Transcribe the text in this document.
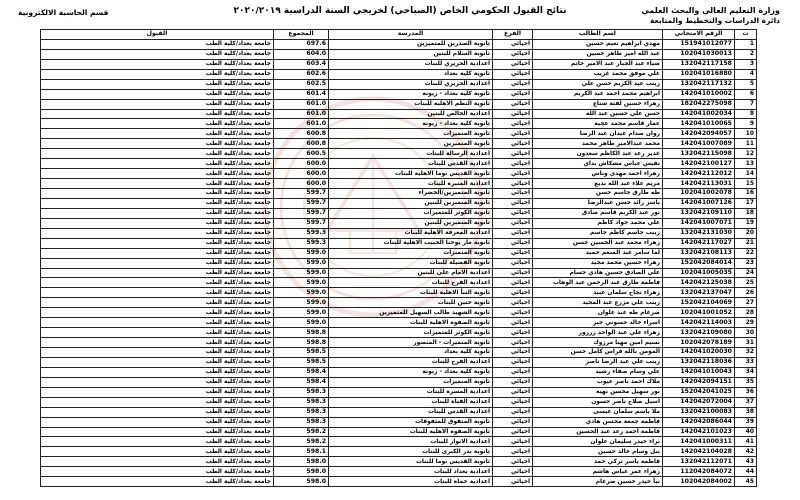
وزارة التعليم العالي والبحث العلمي
دائرة الدراسات والتخطيط والمتابعة
نتائج القبول الحكومي الخاص (الصباحي) لخريجي السنة الدراسية ٢٠٢٠/٢٠١٩
قسم الحاسبة الالكترونية
ت	الرقم الامتحاني	اسم الطالب	الفرع	المدرسة	المجموع	القبول
1	151941012077	مهدي ابراهيم نعيم حسين	احيائي	ثانوية الصدرين للمتميزين	697.6	جامعة بغداد/كلية الطب
2	102041030013	عبد الله امير طاهر حسين	احيائي	ثانوية السلام للبنين	604.0	جامعة بغداد/كلية الطب
3	132042117158	ضياء عبد الجبار عبد الامير حاتم	احيائي	اعدادية الحريري للبنات	603.4	جامعة بغداد/كلية الطب
4	102041016880	علي موفق محمد غريب	احيائي	ثانوية كلية بغداد	602.6	جامعة بغداد/كلية الطب
5	132042117132	زينب عبد الكريم حسن علي	احيائي	اعدادية الحريري للبنات	602.5	جامعة بغداد/كلية الطب
6	142041010002	ابراهيم محمد احمد عبد الكريم	احيائي	ثانوية كلية بغداد - زيونة	601.4	جامعة بغداد/كلية الطب
7	182042275098	زهراء حسين لفتة شناع	احيائي	ثانوية النظم الاهلية للبنات	601.0	جامعة بغداد/كلية الطب
8	142041002034	حسن علي حسين عبد الله	احيائي	اعدادية الخالص للبنين	601.0	جامعة بغداد/كلية الطب
9	142041010065	عمار قاسم محمد عجيه	احيائي	ثانوية كلية بغداد - زيونة	601.0	جامعة بغداد/كلية الطب
10	142042094057	روان صدام عبدان عبد الرضا	احيائي	ثانوية المتميزات	600.8	جامعة بغداد/كلية الطب
11	142041007089	محمد عبدالامير طاهر محمد	احيائي	ثانوية المتميزين	600.8	جامعة بغداد/كلية الطب
12	132042115098	غدير رعد عبد الكاظم سعدون	احيائي	اعدادية الرسالة للبنات	600.5	جامعة بغداد/كلية الطب
13	142042100127	نفيس عباس مشكاش بداي	احيائي	اعدادية القدس للبنات	600.0	جامعة بغداد/كلية الطب
14	142042112012	زهراء احمد مهدي وناس	احيائي	ثانوية القديس توما الاهلية للبنات	600.0	جامعة بغداد/كلية الطب
15	142042113031	مريم علاء عبد الله بديع	احيائي	اعدادية المنيرة للبنات	600.0	جامعة بغداد/كلية الطب
16	102041002078	طه طارق جاسم حسن	احيائي	ثانوية المتميزين/الخضراء	599.7	جامعة بغداد/كلية الطب
17	142041007126	ياسر رائد حسن عبدالرضا	احيائي	ثانوية المتميزين للبنين	599.7	جامعة بغداد/كلية الطب
18	132042109110	نور عبد الكريم قاسم صادق	احيائي	ثانوية الكوثر للمتميزات	599.7	جامعة بغداد/كلية الطب
19	142041007071	علي محمد جواد كاظم	احيائي	ثانوية المتميزين للبنين	599.7	جامعة بغداد/كلية الطب
20	132042131030	زينب جاسم كاظم جاسم	احيائي	اعدادية المعرفة الاهلية للبنات	599.3	جامعة بغداد/كلية الطب
21	142042117027	زهراء محمد عبد الحسين حسن	احيائي	ثانوية مار يوحنا الحبيب الاهلية للبنات	599.3	جامعة بغداد/كلية الطب
22	132042108113	لما سامر عبد المنعم حميد	احيائي	ثانوية المتميزات	599.0	جامعة بغداد/كلية الطب
23	152042084014	زهراء حسين محمد مجيد	احيائي	ثانوية الفضيلة للبنات	599.0	جامعة بغداد/كلية الطب
24	102041005035	علي الصادق حسين هادي جسام	احيائي	اعدادية الامام علي للبنين	599.0	جامعة بغداد/كلية الطب
25	142042125038	فاطمة طارق عبد الرحمن عبد الوهاب	احيائي	اعدادية الفرح للبنات	599.0	جامعة بغداد/كلية الطب
26	132042137047	زهراء نجاح سلمان عبيد	احيائي	ثانوية النبأ الاهلية للبنات	599.0	جامعة بغداد/كلية الطب
27	152042104069	زينب علي مزرع عبد المجيد	احيائي	ثانوية حنين للبنات	599.0	جامعة بغداد/كلية الطب
28	102041001052	ضرغام طه عبد علوان	احيائي	ثانوية الشهيد طالب السهيل للمتميزين	599.0	جامعة بغداد/كلية الطب
29	142042114003	اسراء خالد حسوني جبر	احيائي	ثانوية الصفوة الاهلية للبنات	599.0	جامعة بغداد/كلية الطب
30	132042109080	زهراء علي عبد الواحد زرزور	احيائي	ثانوية الكوثر للمتميزات	598.8	جامعة بغداد/كلية الطب
31	102042078189	نسيم امين مهنا مرزوك	احيائي	ثانوية المتميزات - المنصور	598.8	جامعة بغداد/كلية الطب
32	142041020030	المؤمن بالله فراس كامل حسن	احيائي	ثانوية كلية بغداد	598.5	جامعة بغداد/كلية الطب
33	132042118036	زينب علي عبد الرضا ناصر	احيائي	اعدادية الفرح للبنات	598.5	جامعة بغداد/كلية الطب
34	142041010043	علي وسام صفاء رشيد	احيائي	ثانوية كلية بغداد - زيونة	598.4	جامعة بغداد/كلية الطب
35	142042094151	ملاك احمد ناصر عيوب	احيائي	ثانوية المتميزات	598.4	جامعة بغداد/كلية الطب
36	152042041025	نور سهيل محسن نهيه	احيائي	اعدادية المسرة للبنات	598.3	جامعة بغداد/كلية الطب
37	142042072004	اسيل صلاح ناصر حسون	احيائي	اعدادية القناة للبنات	598.3	جامعة بغداد/كلية الطب
38	132042100083	ملا باسم سلمان عيسى	احيائي	اعدادية القدس للبنات	598.3	جامعة بغداد/كلية الطب
39	142042086044	فاطمة جمعة محسن هادي	احيائي	ثانوية المتفوق للمتفوقات	598.3	جامعة بغداد/كلية الطب
40	142042101023	فاطمة احمد رعد عبد الحسين	احيائي	ثانوية الصفوة الاهلية للبنات	598.2	جامعة بغداد/كلية الطب
41	142041000311	براء حيدر سليمان علوان	احيائي	اعدادية الانوار للبنات	598.2	جامعة بغداد/كلية الطب
42	142042104028	نبل وسام خالد حسين	احيائي	ثانوية بدر الكبرى للبنات	598.1	جامعة بغداد/كلية الطب
43	132042112071	فاطمة ياسر تركي حمد	احيائي	ثانوية القديس توما للبنات	598.0	جامعة بغداد/كلية الطب
44	112042084072	زهراء عمر عباس هاشم	احيائي	اعدادية بغداد للبنات	598.0	جامعة بغداد/كلية الطب
45	102042084002	نبأ حيدر حسين ضرغام	احيائي	اعدادية حماة للبنات	598.0	جامعة بغداد/كلية الطب
